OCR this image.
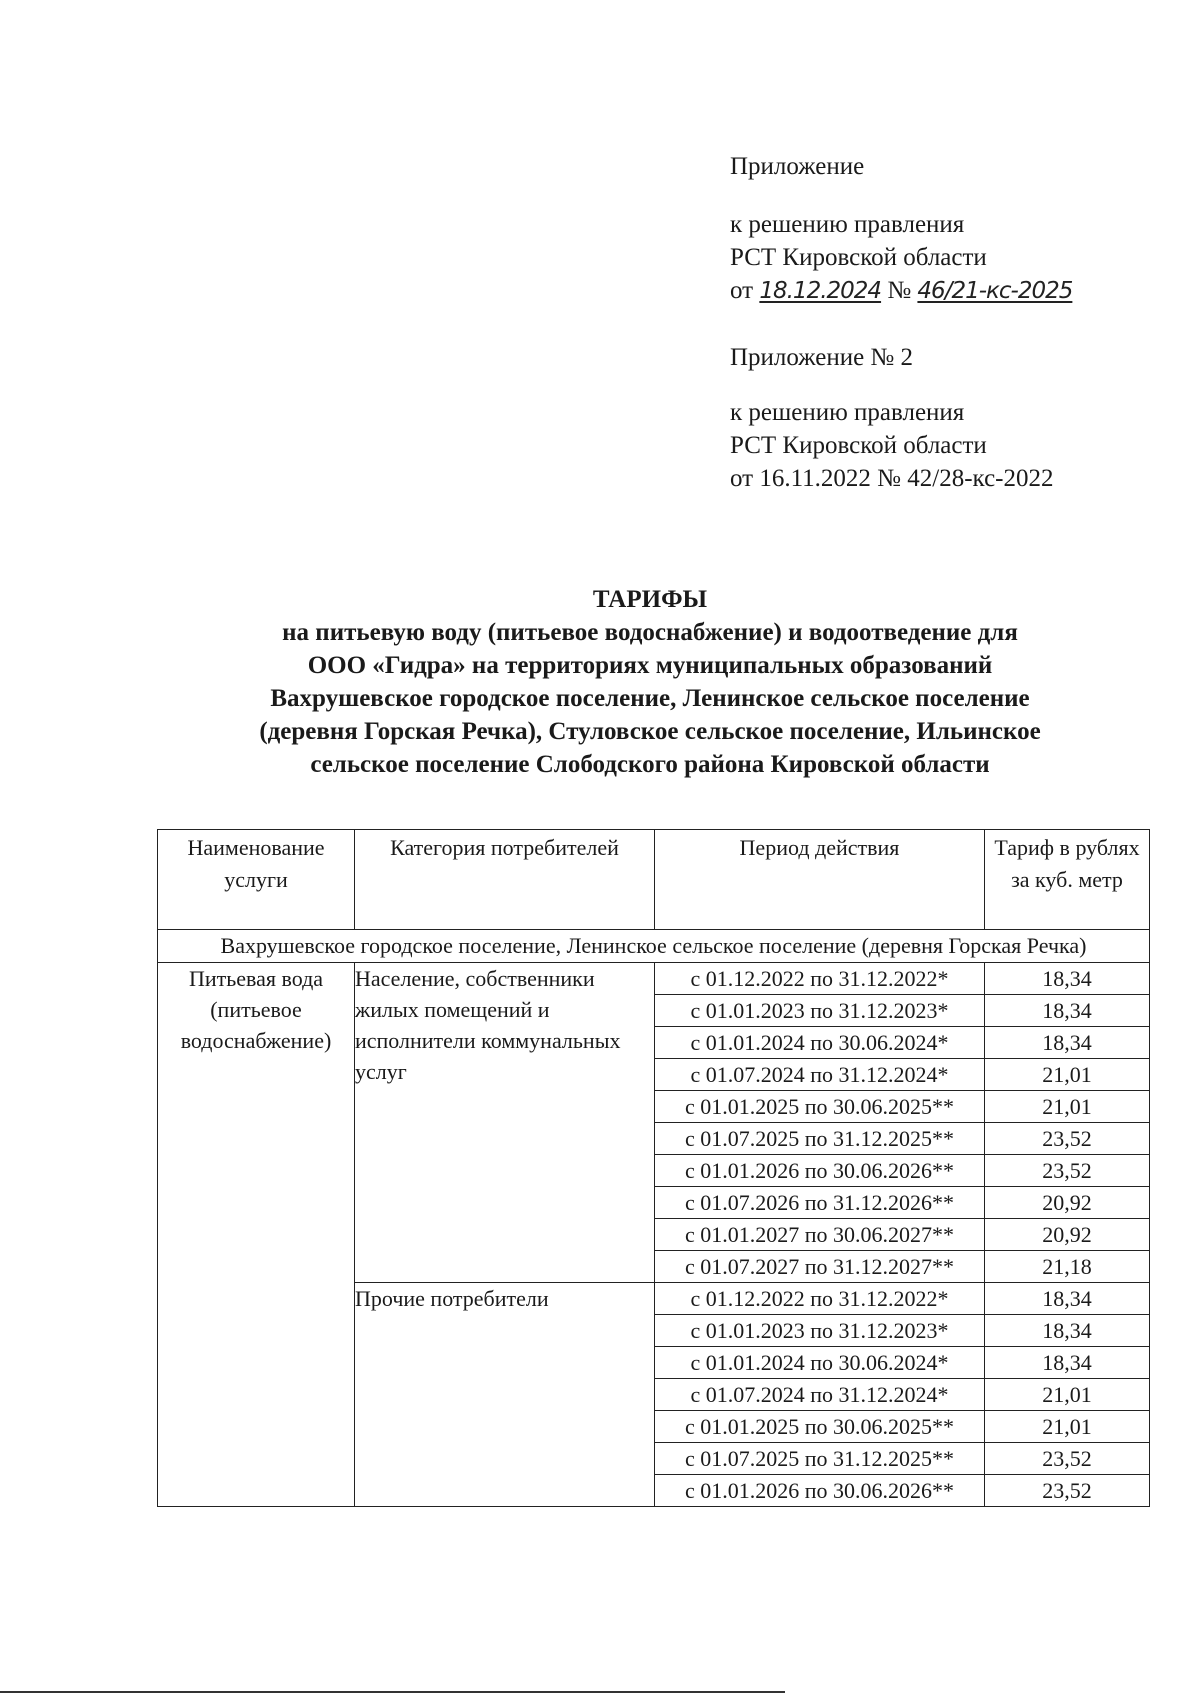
Приложение

к решению правления

РСТ Кировской области

от 18.12.2024 № 46/21-кс-2025

Приложение № 2

к решению правления

РСТ Кировской области

от 16.11.2022 № 42/28-кс-2022

ТАРИФЫ

на питьевую воду (питьевое водоснабжение) и водоотведение для

ООО «Гидра» на территориях муниципальных образований

Вахрушевское городское поселение, Ленинское сельское поселение

(деревня Горская Речка), Стуловское сельское поселение, Ильинское

сельское поселение Слободского района Кировской области

Наименование услуги	Категория потребителей	Период действия	Тариф в рублях за куб. метр
Вахрушевское городское поселение, Ленинское сельское поселение (деревня Горская Речка)			
Питьевая вода (питьевое водоснабжение)	Население, собственники жилых помещений и исполнители коммунальных услуг	с 01.12.2022 по 31.12.2022*	18,34
		с 01.01.2023 по 31.12.2023*	18,34
		с 01.01.2024 по 30.06.2024*	18,34
		с 01.07.2024 по 31.12.2024*	21,01
		с 01.01.2025 по 30.06.2025**	21,01
		с 01.07.2025 по 31.12.2025**	23,52
		с 01.01.2026 по 30.06.2026**	23,52
		с 01.07.2026 по 31.12.2026**	20,92
		с 01.01.2027 по 30.06.2027**	20,92
		с 01.07.2027 по 31.12.2027**	21,18
	Прочие потребители	с 01.12.2022 по 31.12.2022*	18,34
		с 01.01.2023 по 31.12.2023*	18,34
		с 01.01.2024 по 30.06.2024*	18,34
		с 01.07.2024 по 31.12.2024*	21,01
		с 01.01.2025 по 30.06.2025**	21,01
		с 01.07.2025 по 31.12.2025**	23,52
		с 01.01.2026 по 30.06.2026**	23,52
